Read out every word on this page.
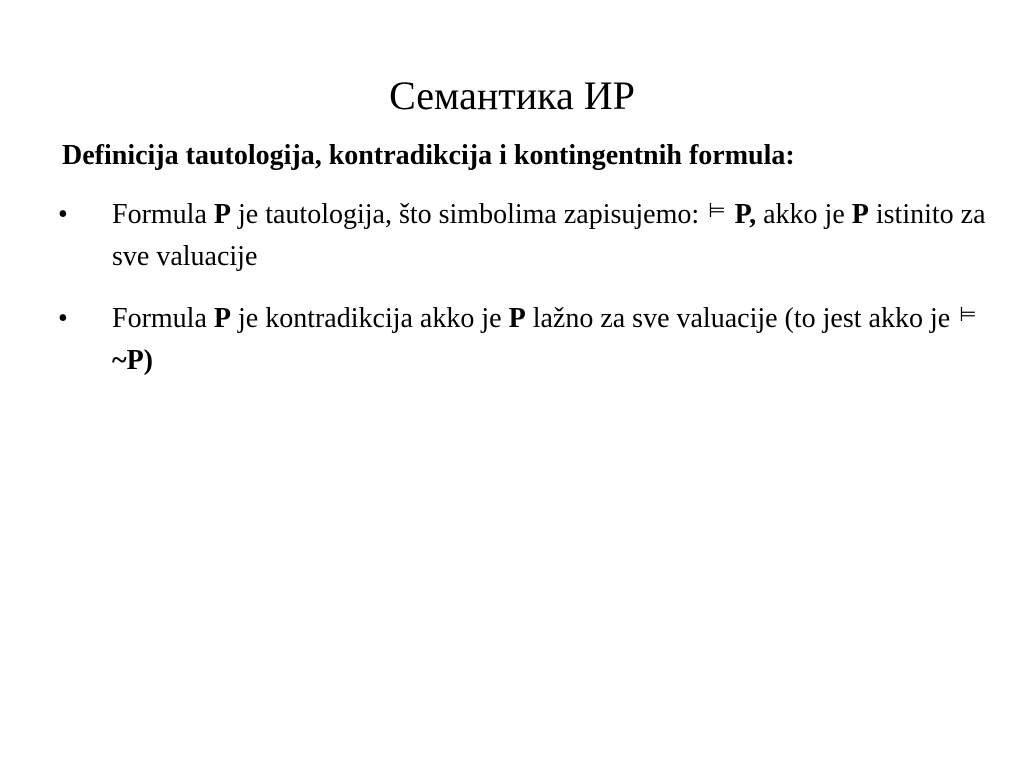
Семантика ИР

Definicija tautologija, kontradikcija i kontingentnih formula:

• Formula P je tautologija, što simbolima zapisujemo: ⊨ P, akko je P istinito za sve valuacije
• Formula P je kontradikcija akko je P lažno za sve valuacije (to jest akko je ⊨ ~P)
